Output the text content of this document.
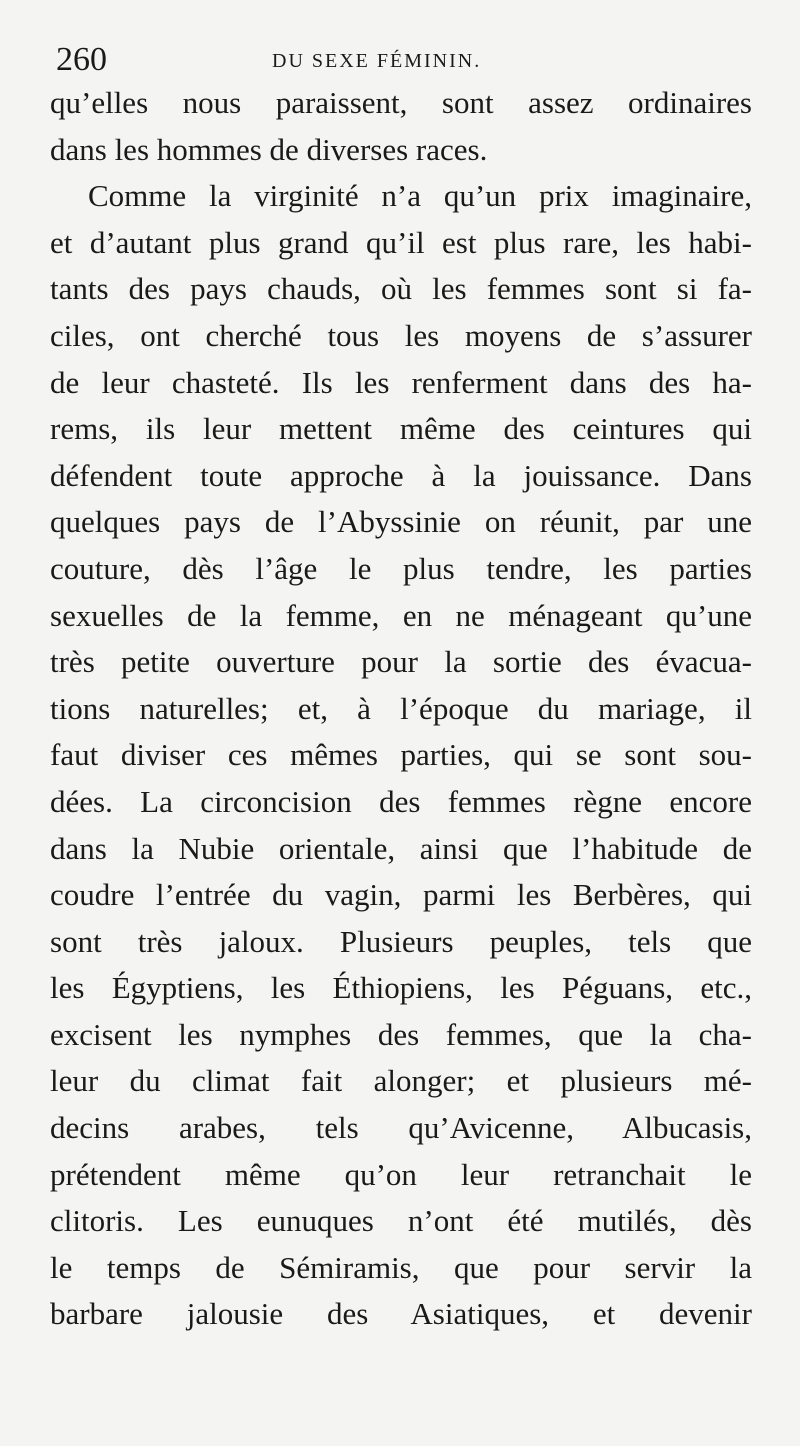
260	DU SEXE FÉMININ.
qu’elles nous paraissent, sont assez ordinaires
dans les hommes de diverses races.
Comme la virginité n’a qu’un prix imaginaire,
et d’autant plus grand qu’il est plus rare, les habi-
tants des pays chauds, où les femmes sont si fa-
ciles, ont cherché tous les moyens de s’assurer
de leur chasteté. Ils les renferment dans des ha-
rems, ils leur mettent même des ceintures qui
défendent toute approche à la jouissance. Dans
quelques pays de l’Abyssinie on réunit, par une
couture, dès l’âge le plus tendre, les parties
sexuelles de la femme, en ne ménageant qu’une
très petite ouverture pour la sortie des évacua-
tions naturelles; et, à l’époque du mariage, il
faut diviser ces mêmes parties, qui se sont sou-
dées. La circoncision des femmes règne encore
dans la Nubie orientale, ainsi que l’habitude de
coudre l’entrée du vagin, parmi les Berbères, qui
sont très jaloux. Plusieurs peuples, tels que
les Égyptiens, les Éthiopiens, les Péguans, etc.,
excisent les nymphes des femmes, que la cha-
leur du climat fait alonger; et plusieurs mé-
decins arabes, tels qu’Avicenne, Albucasis,
prétendent même qu’on leur retranchait le
clitoris. Les eunuques n’ont été mutilés, dès
le temps de Sémiramis, que pour servir la
barbare jalousie des Asiatiques, et devenir
